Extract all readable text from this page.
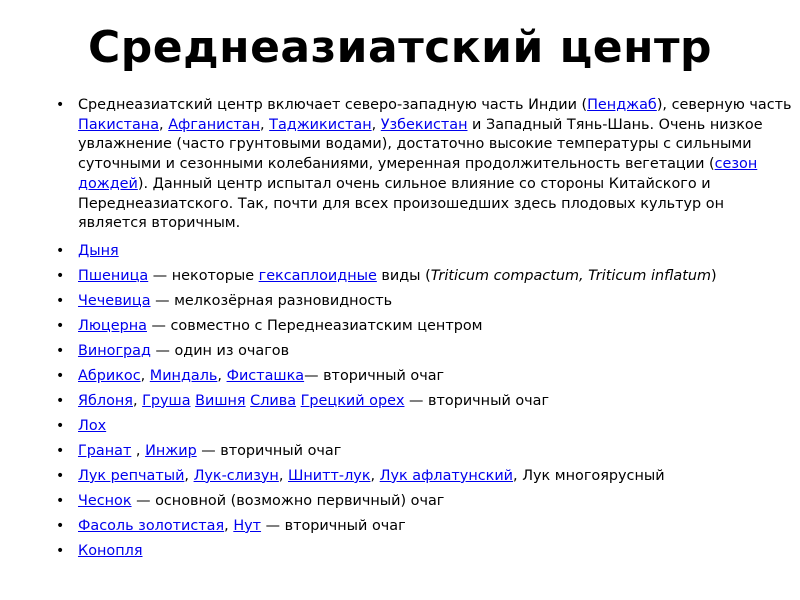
Среднеазиатский центр
• Среднеазиатский центр включает северо-западную часть Индии (Пенджаб), северную часть Пакистана, Афганистан, Таджикистан, Узбекистан и Западный Тянь-Шань. Очень низкое увлажнение (часто грунтовыми водами), достаточно высокие температуры с сильными суточными и сезонными колебаниями, умеренная продолжительность вегетации (сезон дождей). Данный центр испытал очень сильное влияние со стороны Китайского и Переднеазиатского. Так, почти для всех произошедших здесь плодовых культур он является вторичным.
• Дыня
• Пшеница — некоторые гексаплоидные виды (Triticum compactum, Triticum inflatum)
• Чечевица — мелкозёрная разновидность
• Люцерна — совместно с Переднеазиатским центром
• Виноград — один из очагов
• Абрикос, Миндаль, Фисташка— вторичный очаг
• Яблоня, Груша Вишня Слива Грецкий орех — вторичный очаг
• Лох
• Гранат , Инжир — вторичный очаг
• Лук репчатый, Лук-слизун, Шнитт-лук, Лук афлатунский, Лук многоярусный
• Чеснок — основной (возможно первичный) очаг
• Фасоль золотистая, Нут — вторичный очаг
• Конопля
